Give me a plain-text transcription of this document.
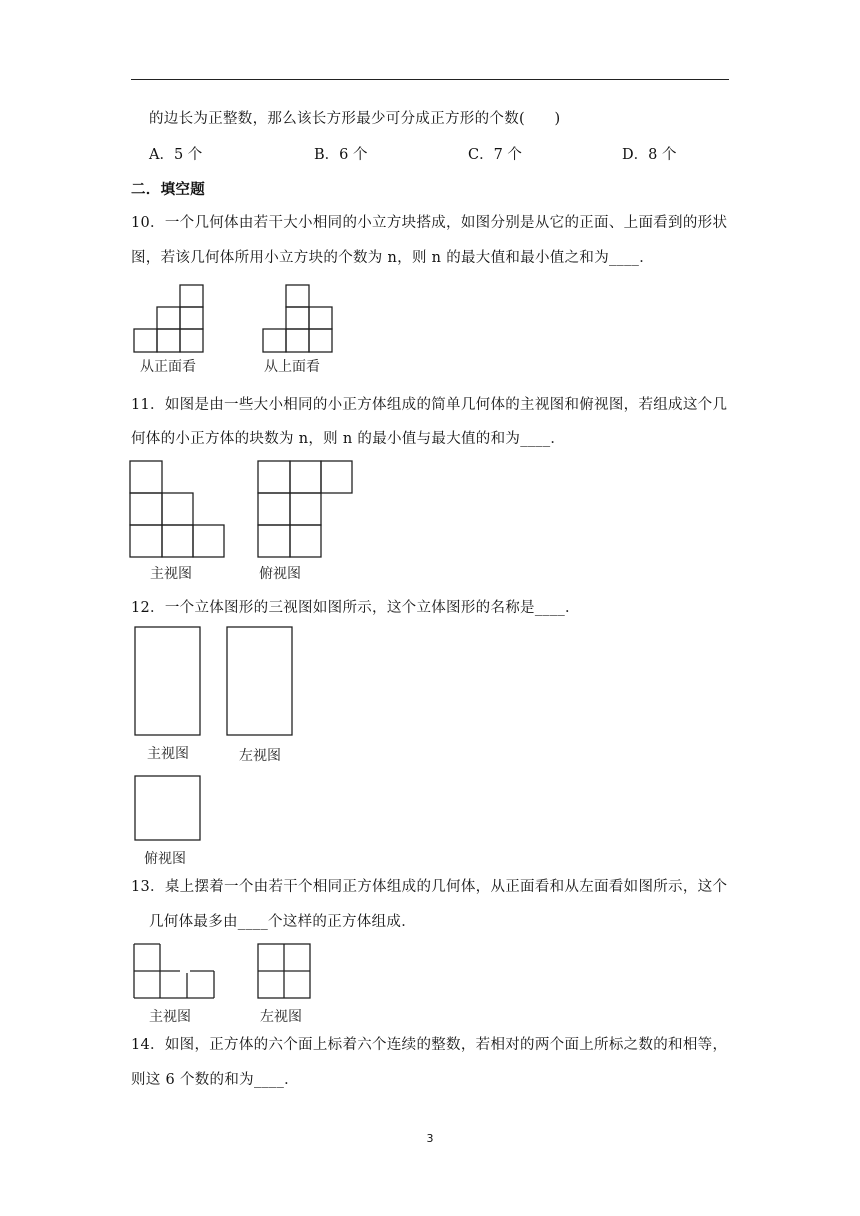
的边长为正整数，那么该长方形最少可分成正方形的个数(　　)
A．5 个	B．6 个	C．7 个	D．8 个
二．填空题
10．一个几何体由若干大小相同的小立方块搭成，如图分别是从它的正面、上面看到的形状
图，若该几何体所用小立方块的个数为 n，则 n 的最大值和最小值之和为____．
从正面看	从上面看
11．如图是由一些大小相同的小正方体组成的简单几何体的主视图和俯视图，若组成这个几
何体的小正方体的块数为 n，则 n 的最小值与最大值的和为____．
主视图	俯视图
12．一个立体图形的三视图如图所示，这个立体图形的名称是____．
主视图	左视图
俯视图
13．桌上摆着一个由若干个相同正方体组成的几何体，从正面看和从左面看如图所示，这个
几何体最多由____个这样的正方体组成．
主视图	左视图
14．如图，正方体的六个面上标着六个连续的整数，若相对的两个面上所标之数的和相等，
则这 6 个数的和为____．
3
